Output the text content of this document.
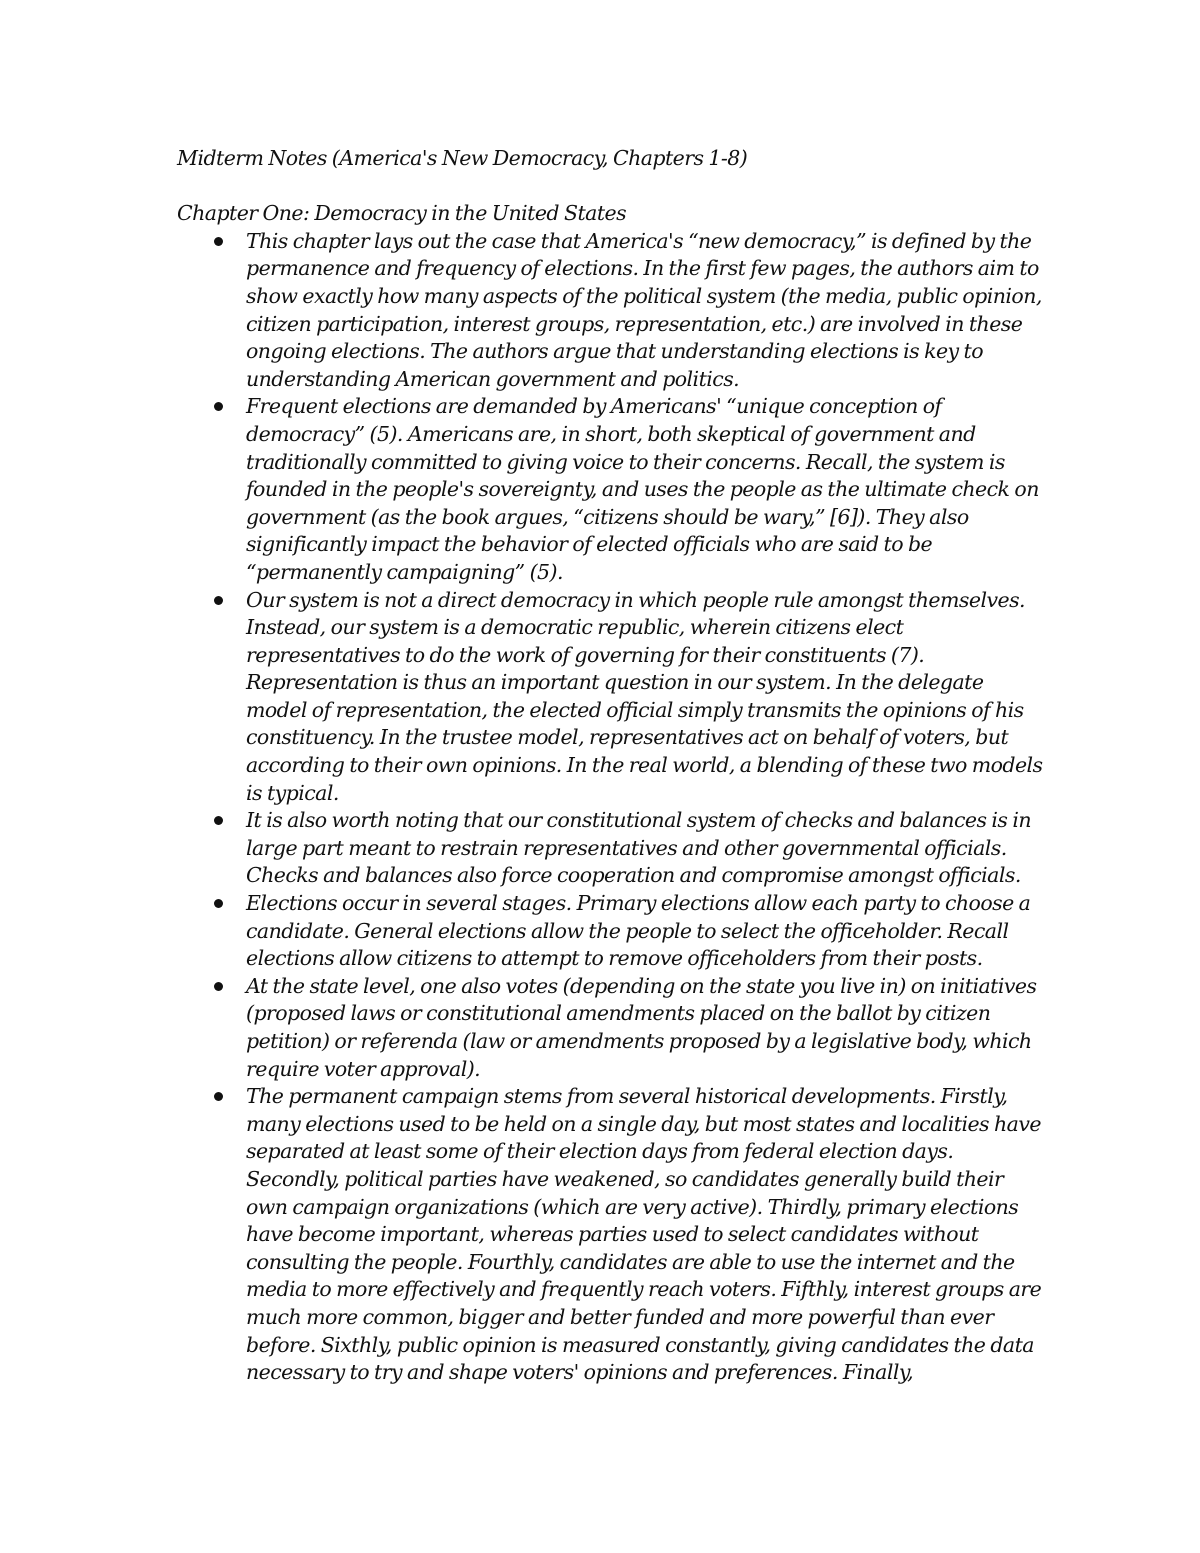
Midterm Notes (America's New Democracy, Chapters 1-8)

Chapter One: Democracy in the United States

This chapter lays out the case that America's “new democracy,” is defined by the permanence and frequency of elections. In the first few pages, the authors aim to show exactly how many aspects of the political system (the media, public opinion, citizen participation, interest groups, representation, etc.) are involved in these ongoing elections. The authors argue that understanding elections is key to understanding American government and politics.
Frequent elections are demanded by Americans' “unique conception of democracy” (5). Americans are, in short, both skeptical of government and traditionally committed to giving voice to their concerns. Recall, the system is founded in the people's sovereignty, and uses the people as the ultimate check on government (as the book argues, “citizens should be wary,” [6]). They also significantly impact the behavior of elected officials who are said to be “permanently campaigning” (5).
Our system is not a direct democracy in which people rule amongst themselves. Instead, our system is a democratic republic, wherein citizens elect representatives to do the work of governing for their constituents (7). Representation is thus an important question in our system. In the delegate model of representation, the elected official simply transmits the opinions of his constituency. In the trustee model, representatives act on behalf of voters, but according to their own opinions. In the real world, a blending of these two models is typical.
It is also worth noting that our constitutional system of checks and balances is in large part meant to restrain representatives and other governmental officials. Checks and balances also force cooperation and compromise amongst officials.
Elections occur in several stages. Primary elections allow each party to choose a candidate. General elections allow the people to select the officeholder. Recall elections allow citizens to attempt to remove officeholders from their posts.
At the state level, one also votes (depending on the state you live in) on initiatives (proposed laws or constitutional amendments placed on the ballot by citizen petition) or referenda (law or amendments proposed by a legislative body, which require voter approval).
The permanent campaign stems from several historical developments. Firstly, many elections used to be held on a single day, but most states and localities have separated at least some of their election days from federal election days. Secondly, political parties have weakened, so candidates generally build their own campaign organizations (which are very active). Thirdly, primary elections have become important, whereas parties used to select candidates without consulting the people. Fourthly, candidates are able to use the internet and the media to more effectively and frequently reach voters. Fifthly, interest groups are much more common, bigger and better funded and more powerful than ever before. Sixthly, public opinion is measured constantly, giving candidates the data necessary to try and shape voters' opinions and preferences. Finally,
